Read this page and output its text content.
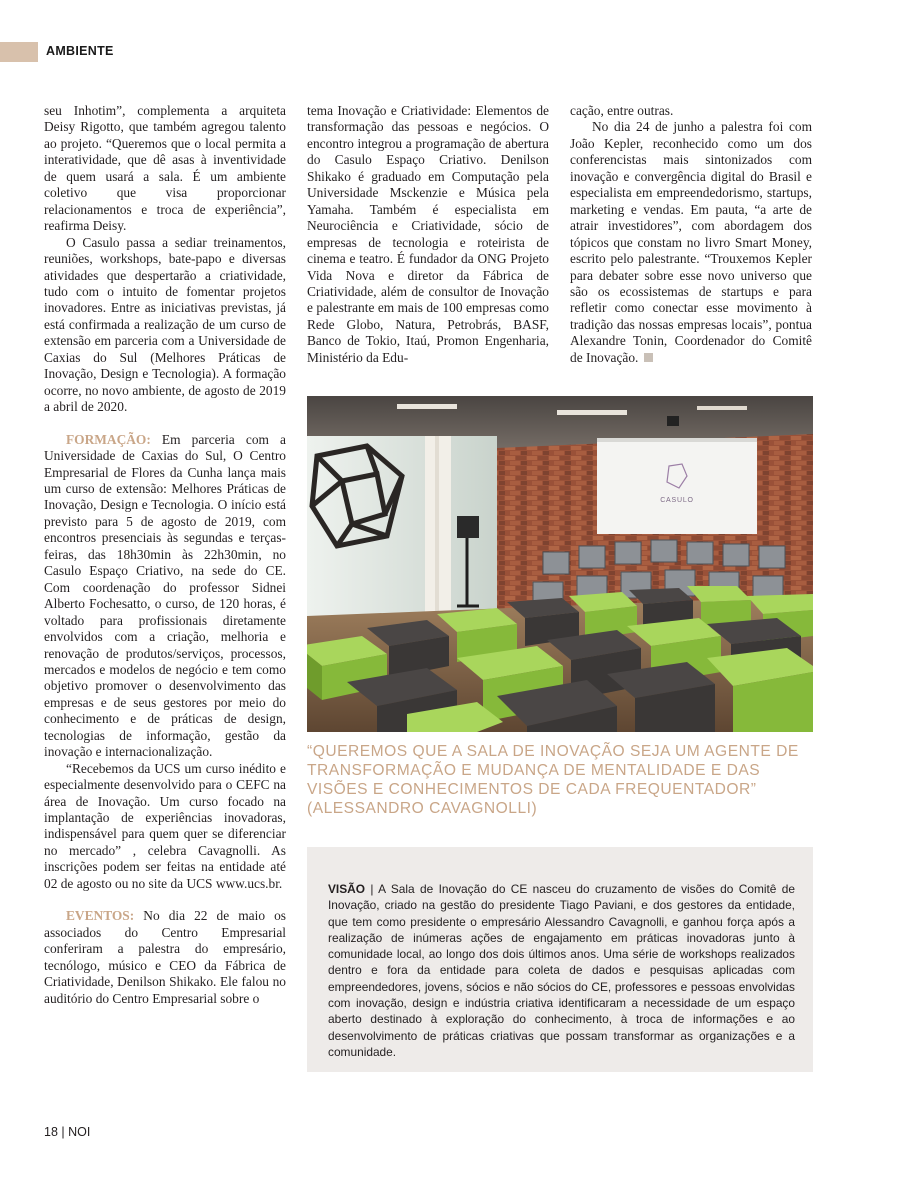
AMBIENTE

seu Inhotim”, complementa a arquiteta Deisy Rigotto, que também agregou talento ao projeto. “Queremos que o local permita a interatividade, que dê asas à inventividade de quem usará a sala. É um ambiente coletivo que visa proporcionar relacionamentos e troca de experiência”, reafirma Deisy.

O Casulo passa a sediar treinamentos, reuniões, workshops, bate-papo e diversas atividades que despertarão a criatividade, tudo com o intuito de fomentar projetos inovadores. Entre as iniciativas previstas, já está confirmada a realização de um curso de extensão em parceria com a Universidade de Caxias do Sul (Melhores Práticas de Inovação, Design e Tecnologia). A formação ocorre, no novo ambiente, de agosto de 2019 a abril de 2020.

FORMAÇÃO: Em parceria com a Universidade de Caxias do Sul, O Centro Empresarial de Flores da Cunha lança mais um curso de extensão: Melhores Práticas de Inovação, Design e Tecnologia. O início está previsto para 5 de agosto de 2019, com encontros presenciais às segundas e terças-feiras, das 18h30min às 22h30min, no Casulo Espaço Criativo, na sede do CE. Com coordenação do professor Sidnei Alberto Fochesatto, o curso, de 120 horas, é voltado para profissionais diretamente envolvidos com a criação, melhoria e renovação de produtos/serviços, processos, mercados e modelos de negócio e tem como objetivo promover o desenvolvimento das empresas e de seus gestores por meio do conhecimento e de práticas de design, tecnologias de informação, gestão da inovação e internacionalização.

“Recebemos da UCS um curso inédito e especialmente desenvolvido para o CEFC na área de Inovação. Um curso focado na implantação de experiências inovadoras, indispensável para quem quer se diferenciar no mercado” , celebra Cavagnolli. As inscrições podem ser feitas na entidade até 02 de agosto ou no site da UCS www.ucs.br.

EVENTOS: No dia 22 de maio os associados do Centro Empresarial conferiram a palestra do empresário, tecnólogo, músico e CEO da Fábrica de Criatividade, Denilson Shikako. Ele falou no auditório do Centro Empresarial sobre o

tema Inovação e Criatividade: Elementos de transformação das pessoas e negócios. O encontro integrou a programação de abertura do Casulo Espaço Criativo. Denilson Shikako é graduado em Computação pela Universidade Msckenzie e Música pela Yamaha. Também é especialista em Neurociência e Criatividade, sócio de empresas de tecnologia e roteirista de cinema e teatro. É fundador da ONG Projeto Vida Nova e diretor da Fábrica de Criatividade, além de consultor de Inovação e palestrante em mais de 100 empresas como Rede Globo, Natura, Petrobrás, BASF, Banco de Tokio, Itaú, Promon Engenharia, Ministério da Edu-

cação, entre outras.

No dia 24 de junho a palestra foi com João Kepler, reconhecido como um dos conferencistas mais sintonizados com inovação e convergência digital do Brasil e especialista em empreendedorismo, startups, marketing e vendas. Em pauta, “a arte de atrair investidores”, com abordagem dos tópicos que constam no livro Smart Money, escrito pelo palestrante. “Trouxemos Kepler para debater sobre esse novo universo que são os ecossistemas de startups e para refletir como conectar esse movimento à tradição das nossas empresas locais”, pontua Alexandre Tonin, Coordenador do Comitê de Inovação.

CASULO
“QUEREMOS QUE A SALA DE INOVAÇÃO SEJA UM AGENTE DE TRANSFORMAÇÃO E MUDANÇA DE MENTALIDADE E DAS VISÕES E CONHECIMENTOS DE CADA FREQUENTADOR” (ALESSANDRO CAVAGNOLLI)

VISÃO | A Sala de Inovação do CE nasceu do cruzamento de visões do Comitê de Inovação, criado na gestão do presidente Tiago Paviani, e dos gestores da entidade, que tem como presidente o empresário Alessandro Cavagnolli, e ganhou força após a realização de inúmeras ações de engajamento em práticas inovadoras junto à comunidade local, ao longo dos dois últimos anos. Uma série de workshops realizados dentro e fora da entidade para coleta de dados e pesquisas aplicadas com empreendedores, jovens, sócios e não sócios do CE, professores e pessoas envolvidas com inovação, design e indústria criativa identificaram a necessidade de um espaço aberto destinado à exploração do conhecimento, à troca de informações e ao desenvolvimento de práticas criativas que possam transformar as organizações e a comunidade.

18 | NOI
